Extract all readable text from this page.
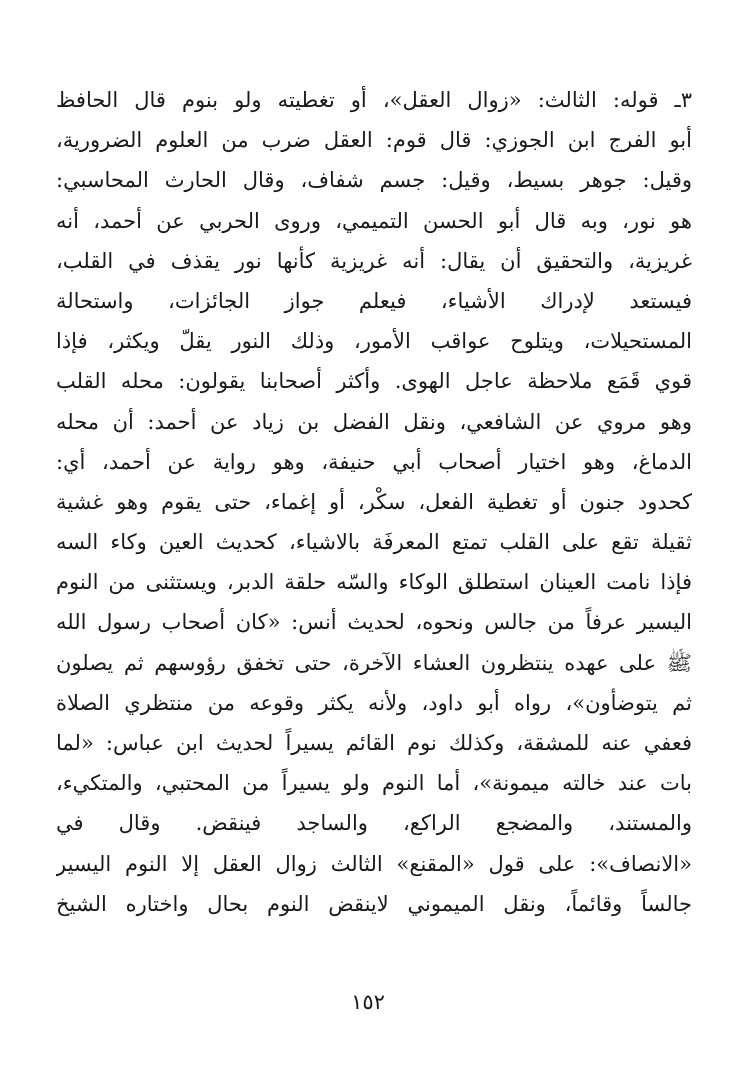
٣ـ قوله: الثالث: «زوال العقل»، أو تغطيته ولو بنوم قال الحافظ
أبو الفرج ابن الجوزي: قال قوم: العقل ضرب من العلوم الضرورية،
وقيل: جوهر بسيط، وقيل: جسم شفاف، وقال الحارث المحاسبي:
هو نور، وبه قال أبو الحسن التميمي، وروى الحربي عن أحمد، أنه
غريزية، والتحقيق أن يقال: أنه غريزية كأنها نور يقذف في القلب،
فيستعد لإدراك الأشياء، فيعلم جواز الجائزات، واستحالة
المستحيلات، ويتلوح عواقب الأمور، وذلك النور يقلّ ويكثر، فإذا
قوي قَمَع ملاحظة عاجل الهوى. وأكثر أصحابنا يقولون: محله القلب
وهو مروي عن الشافعي، ونقل الفضل بن زياد عن أحمد: أن محله
الدماغ، وهو اختيار أصحاب أبي حنيفة، وهو رواية عن أحمد، أي:
كحدود جنون أو تغطية الفعل، سكْر، أو إغماء، حتى يقوم وهو غشية
ثقيلة تقع على القلب تمتع المعرفَة بالاشياء، كحديث العين وكاء السه
فإذا نامت العينان استطلق الوكاء والسّه حلقة الدبر، ويستثنى من النوم
اليسير عرفاً من جالس ونحوه، لحديث أنس: «كان أصحاب رسول الله
ﷺ على عهده ينتظرون العشاء الآخرة، حتى تخفق رؤوسهم ثم يصلون
ثم يتوضأون»، رواه أبو داود، ولأنه يكثر وقوعه من منتظري الصلاة
فعفي عنه للمشقة، وكذلك نوم القائم يسيراً لحديث ابن عباس: «لما
بات عند خالته ميمونة»، أما النوم ولو يسيراً من المحتبي، والمتكيء،
والمستند، والمضجع الراكع، والساجد فينقض. وقال في
«الانصاف»: على قول «المقنع» الثالث زوال العقل إلا النوم اليسير
جالساً وقائماً، ونقل الميموني لاينقض النوم بحال واختاره الشيخ
١٥٢
